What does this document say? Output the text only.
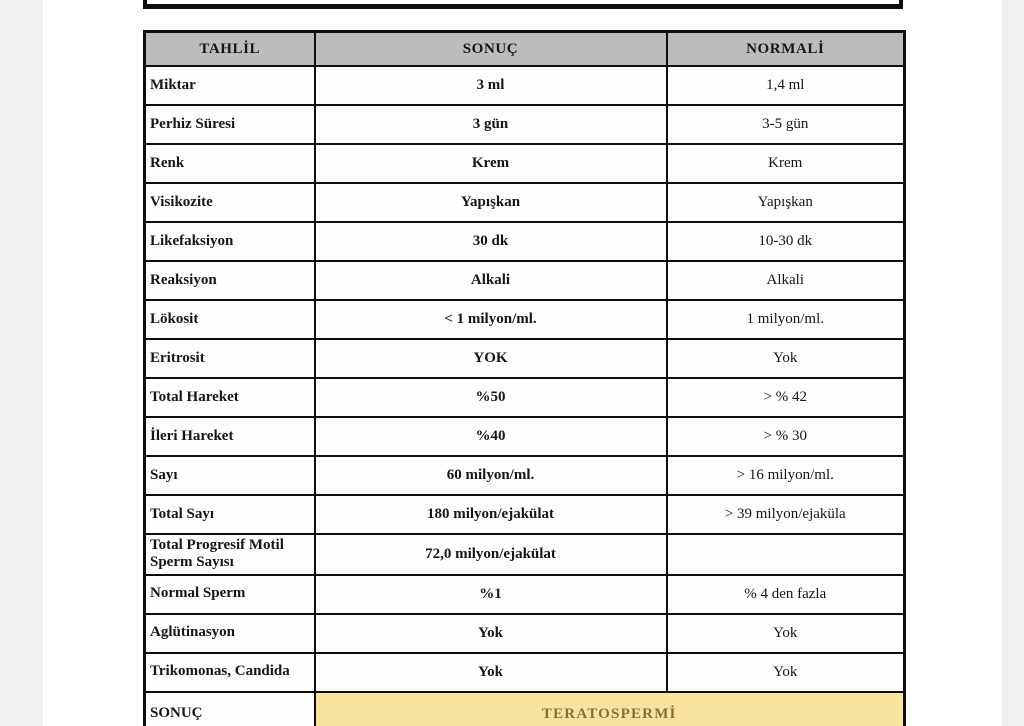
TAHLİL	SONUÇ	NORMALİ
Miktar	3 ml	1,4 ml
Perhiz Süresi	3 gün	3-5 gün
Renk	Krem	Krem
Visikozite	Yapışkan	Yapışkan
Likefaksiyon	30 dk	10-30 dk
Reaksiyon	Alkali	Alkali
Lökosit	< 1 milyon/ml.	1 milyon/ml.
Eritrosit	YOK	Yok
Total Hareket	%50	> % 42
İleri Hareket	%40	> % 30
Sayı	60 milyon/ml.	> 16 milyon/ml.
Total Sayı	180 milyon/ejakülat	> 39 milyon/ejaküla
Total Progresif Motil Sperm Sayısı	72,0 milyon/ejakülat	
Normal Sperm	%1	% 4 den fazla
Aglütinasyon	Yok	Yok
Trikomonas, Candida	Yok	Yok
SONUÇ	TERATOSPERMİ	
